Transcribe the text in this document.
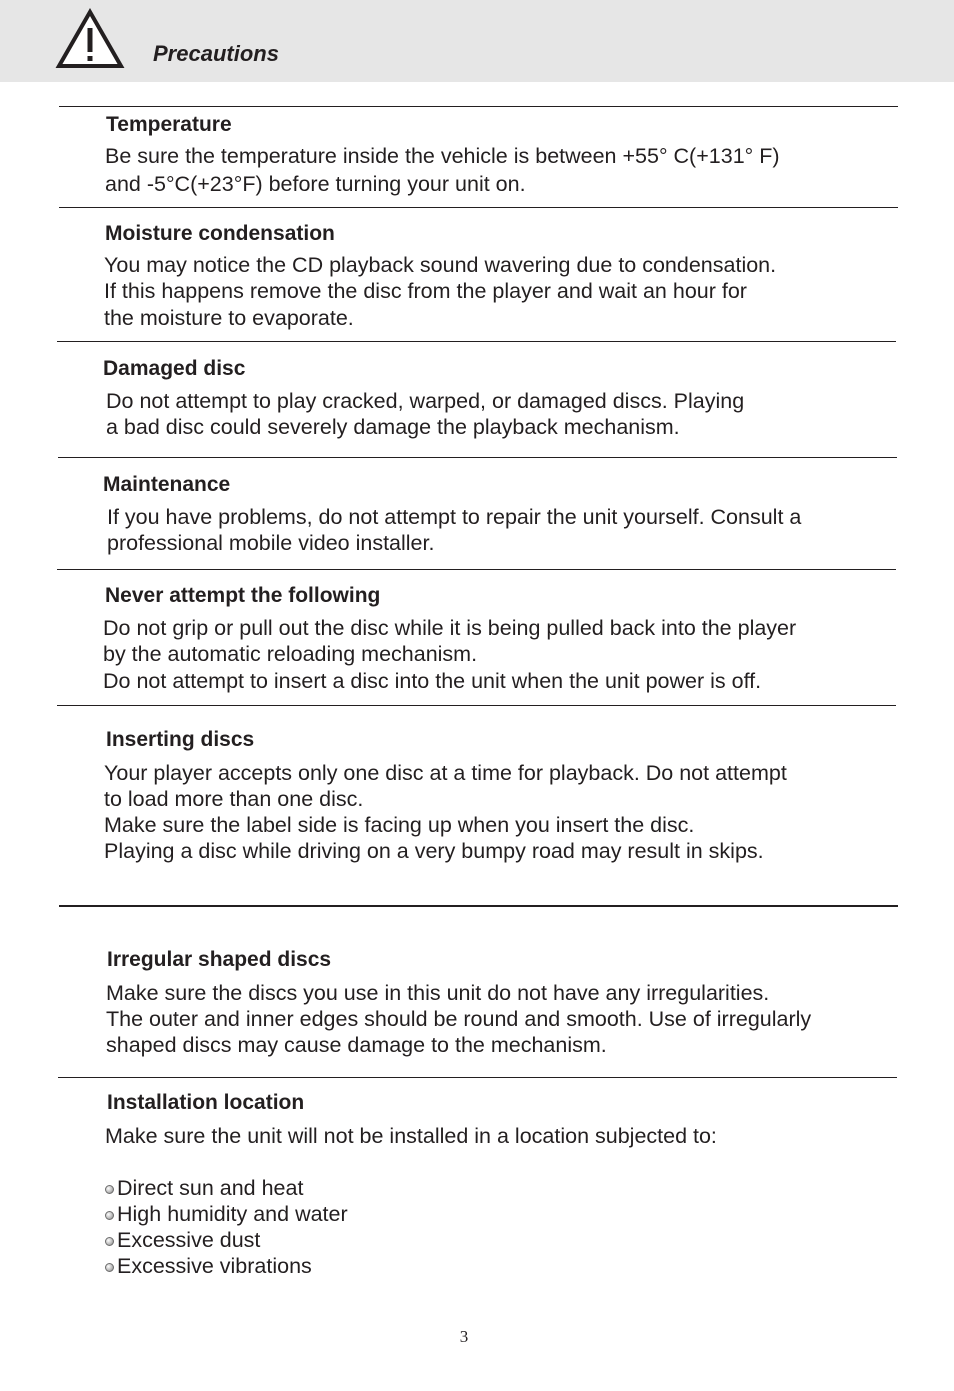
Precautions
Temperature
Be sure the temperature inside the vehicle is between +55° C(+131° F)
and -5°C(+23°F) before turning your unit on.
Moisture condensation
You may notice the CD playback sound wavering due to condensation.
If this happens remove the disc from the player and wait an hour for
the moisture to evaporate.
Damaged disc
Do not attempt to play cracked, warped, or damaged discs. Playing
a bad disc could severely damage the playback mechanism.
Maintenance
If you have problems, do not attempt to repair the unit yourself. Consult a
professional mobile video installer.
Never attempt the following
Do not grip or pull out the disc while it is being pulled back into the player
by the automatic reloading mechanism.
Do not attempt to insert a disc into the unit when the unit power is off.
Inserting discs
Your player accepts only one disc at a time for playback. Do not attempt
to load more than one disc.
Make sure the label side is facing up when you insert the disc.
Playing a disc while driving on a very bumpy road may result in skips.
Irregular shaped discs
Make sure the discs you use in this unit do not have any irregularities.
The outer and inner edges should be round and smooth. Use of irregularly
shaped discs may cause damage to the mechanism.
Installation location
Make sure the unit will not be installed in a location subjected to:
Direct sun and heat
High humidity and water
Excessive dust
Excessive vibrations
3
